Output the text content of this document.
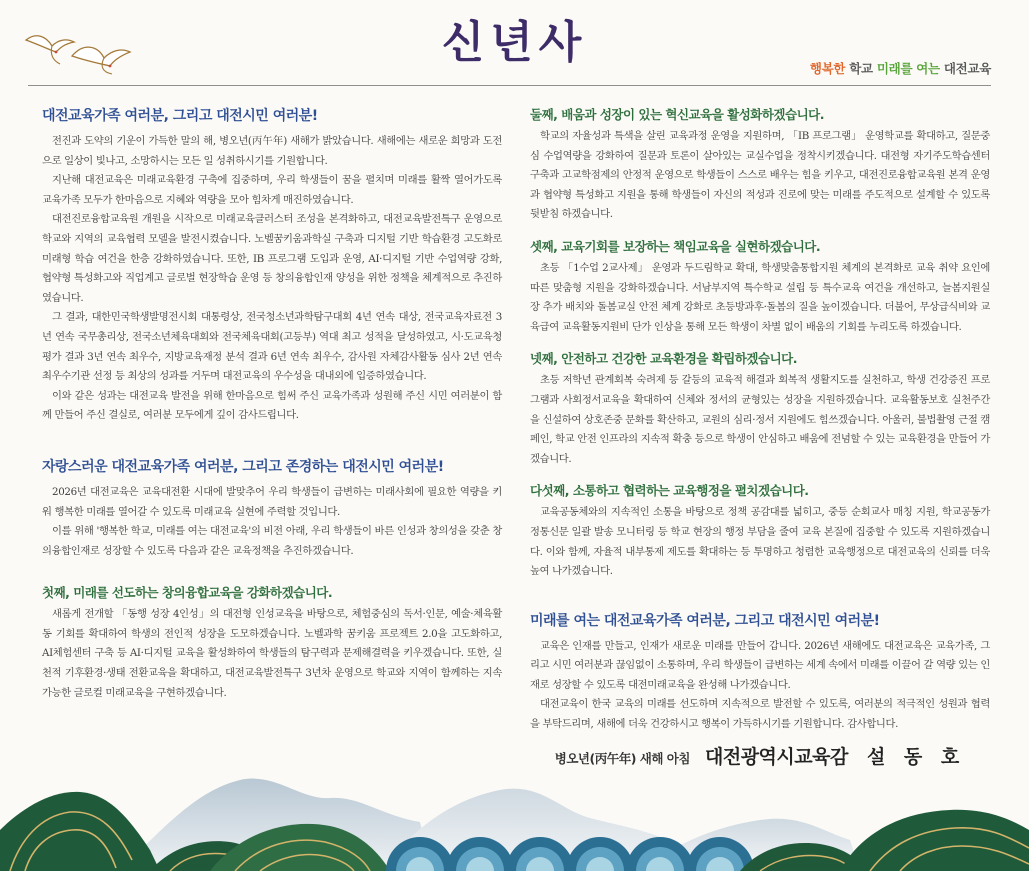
신년사
행복한 학교 미래를 여는 대전교육
대전교육가족 여러분, 그리고 대전시민 여러분!

전진과 도약의 기운이 가득한 말의 해, 병오년(丙午年) 새해가 밝았습니다. 새해에는 새로운 희망과 도전으로 일상이 빛나고, 소망하시는 모든 일 성취하시기를 기원합니다.

지난해 대전교육은 미래교육환경 구축에 집중하며, 우리 학생들이 꿈을 펼치며 미래를 활짝 열어가도록 교육가족 모두가 한마음으로 지혜와 역량을 모아 힘차게 매진하였습니다.

대전진로융합교육원 개원을 시작으로 미래교육클러스터 조성을 본격화하고, 대전교육발전특구 운영으로 학교와 지역의 교육협력 모델을 발전시켰습니다. 노벨꿈키움과학실 구축과 디지털 기반 학습환경 고도화로 미래형 학습 여건을 한층 강화하였습니다. 또한, IB 프로그램 도입과 운영, AI·디지털 기반 수업역량 강화, 협약형 특성화고와 직업계고 글로벌 현장학습 운영 등 창의융합인재 양성을 위한 정책을 체계적으로 추진하였습니다.

그 결과, 대한민국학생발명전시회 대통령상, 전국청소년과학탐구대회 4년 연속 대상, 전국교육자료전 3년 연속 국무총리상, 전국소년체육대회와 전국체육대회(고등부) 역대 최고 성적을 달성하였고, 시·도교육청 평가 결과 3년 연속 최우수, 지방교육재정 분석 결과 6년 연속 최우수, 감사원 자체감사활동 심사 2년 연속 최우수기관 선정 등 최상의 성과를 거두며 대전교육의 우수성을 대내외에 입증하였습니다.

이와 같은 성과는 대전교육 발전을 위해 한마음으로 힘써 주신 교육가족과 성원해 주신 시민 여러분이 함께 만들어 주신 결실로, 여러분 모두에게 깊이 감사드립니다.

자랑스러운 대전교육가족 여러분, 그리고 존경하는 대전시민 여러분!

2026년 대전교육은 교육대전환 시대에 발맞추어 우리 학생들이 급변하는 미래사회에 필요한 역량을 키워 행복한 미래를 열어갈 수 있도록 미래교육 실현에 주력할 것입니다.

이를 위해 '행복한 학교, 미래를 여는 대전교육'의 비전 아래, 우리 학생들이 바른 인성과 창의성을 갖춘 창의융합인재로 성장할 수 있도록 다음과 같은 교육정책을 추진하겠습니다.

첫째, 미래를 선도하는 창의융합교육을 강화하겠습니다.

새롭게 전개할 「동행 성장 4인성」의 대전형 인성교육을 바탕으로, 체험중심의 독서·인문, 예술·체육활동 기회를 확대하여 학생의 전인적 성장을 도모하겠습니다. 노벨과학 꿈키움 프로젝트 2.0을 고도화하고, AI체험센터 구축 등 AI·디지털 교육을 활성화하여 학생들의 탐구력과 문제해결력을 키우겠습니다. 또한, 실천적 기후환경·생태 전환교육을 확대하고, 대전교육발전특구 3년차 운영으로 학교와 지역이 함께하는 지속가능한 글로컬 미래교육을 구현하겠습니다.

둘째, 배움과 성장이 있는 혁신교육을 활성화하겠습니다.

학교의 자율성과 특색을 살린 교육과정 운영을 지원하며, 「IB 프로그램」 운영학교를 확대하고, 질문중심 수업역량을 강화하여 질문과 토론이 살아있는 교실수업을 정착시키겠습니다. 대전형 자기주도학습센터 구축과 고교학점제의 안정적 운영으로 학생들이 스스로 배우는 힘을 키우고, 대전진로융합교육원 본격 운영과 협약형 특성화고 지원을 통해 학생들이 자신의 적성과 진로에 맞는 미래를 주도적으로 설계할 수 있도록 뒷받침 하겠습니다.

셋째, 교육기회를 보장하는 책임교육을 실현하겠습니다.

초등 「1수업 2교사제」 운영과 두드림학교 확대, 학생맞춤통합지원 체계의 본격화로 교육 취약 요인에 따른 맞춤형 지원을 강화하겠습니다. 서남부지역 특수학교 설립 등 특수교육 여건을 개선하고, 늘봄지원실장 추가 배치와 돌봄교실 안전 체계 강화로 초등방과후·돌봄의 질을 높이겠습니다. 더불어, 무상급식비와 교육급여 교육활동지원비 단가 인상을 통해 모든 학생이 차별 없이 배움의 기회를 누리도록 하겠습니다.

넷째, 안전하고 건강한 교육환경을 확립하겠습니다.

초등 저학년 관계회복 숙려제 등 갈등의 교육적 해결과 회복적 생활지도를 실천하고, 학생 건강증진 프로그램과 사회정서교육을 확대하여 신체와 정서의 균형있는 성장을 지원하겠습니다. 교육활동보호 실천주간을 신설하여 상호존중 문화를 확산하고, 교원의 심리·정서 지원에도 힘쓰겠습니다. 아울러, 불법촬영 근절 캠페인, 학교 안전 인프라의 지속적 확충 등으로 학생이 안심하고 배움에 전념할 수 있는 교육환경을 만들어 가겠습니다.

다섯째, 소통하고 협력하는 교육행정을 펼치겠습니다.

교육공동체와의 지속적인 소통을 바탕으로 정책 공감대를 넓히고, 중등 순회교사 매칭 지원, 학교공동가정통신문 일괄 발송 모니터링 등 학교 현장의 행정 부담을 줄여 교육 본질에 집중할 수 있도록 지원하겠습니다. 이와 함께, 자율적 내부통제 제도를 확대하는 등 투명하고 청렴한 교육행정으로 대전교육의 신뢰를 더욱 높여 나가겠습니다.

미래를 여는 대전교육가족 여러분, 그리고 대전시민 여러분!

교육은 인재를 만들고, 인재가 새로운 미래를 만들어 갑니다. 2026년 새해에도 대전교육은 교육가족, 그리고 시민 여러분과 끊임없이 소통하며, 우리 학생들이 급변하는 세계 속에서 미래를 이끌어 갈 역량 있는 인재로 성장할 수 있도록 대전미래교육을 완성해 나가겠습니다.

대전교육이 한국 교육의 미래를 선도하며 지속적으로 발전할 수 있도록, 여러분의 적극적인 성원과 협력을 부탁드리며, 새해에 더욱 건강하시고 행복이 가득하시기를 기원합니다. 감사합니다.

병오년(丙午年) 새해 아침 대전광역시교육감 설 동 호
